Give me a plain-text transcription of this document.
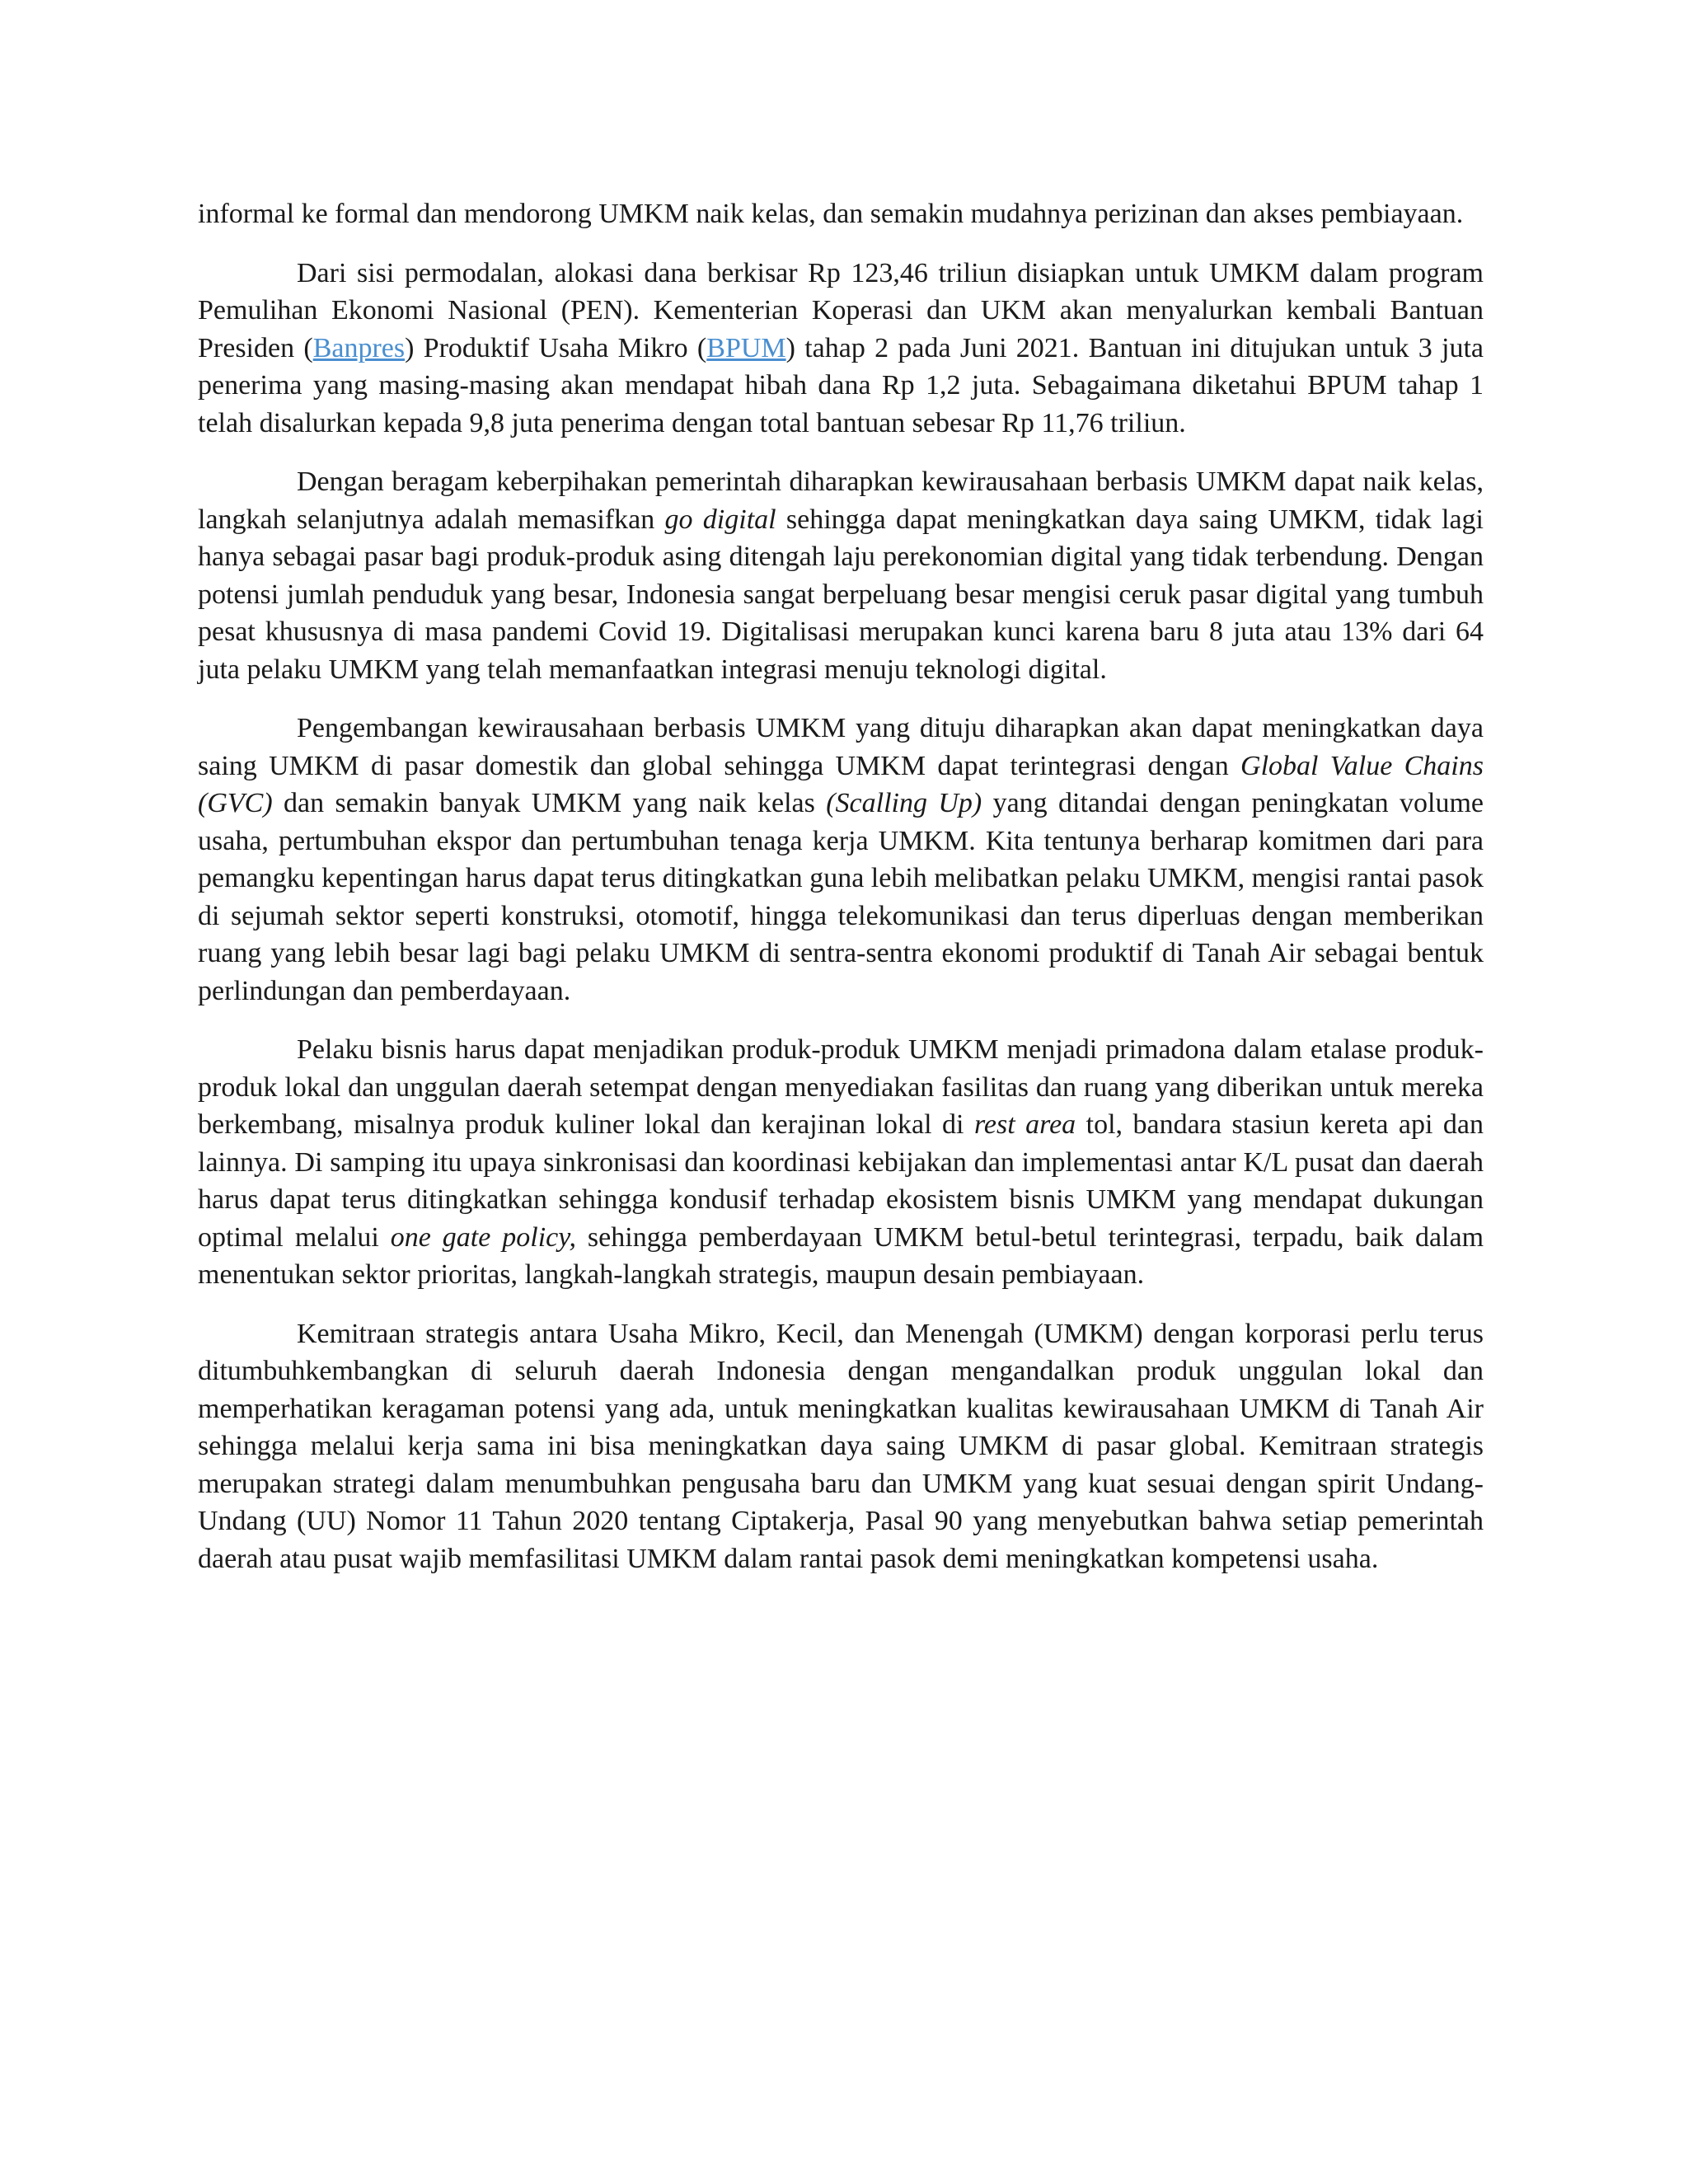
informal ke formal dan mendorong UMKM naik kelas, dan semakin mudahnya perizinan dan akses pembiayaan.

Dari sisi permodalan, alokasi dana berkisar Rp 123,46 triliun disiapkan untuk UMKM dalam program Pemulihan Ekonomi Nasional (PEN). Kementerian Koperasi dan UKM akan menyalurkan kembali Bantuan Presiden (Banpres) Produktif Usaha Mikro (BPUM) tahap 2 pada Juni 2021. Bantuan ini ditujukan untuk 3 juta penerima yang masing-masing akan mendapat hibah dana Rp 1,2 juta. Sebagaimana diketahui BPUM tahap 1 telah disalurkan kepada 9,8 juta penerima dengan total bantuan sebesar Rp 11,76 triliun.

Dengan beragam keberpihakan pemerintah diharapkan kewirausahaan berbasis UMKM dapat naik kelas, langkah selanjutnya adalah memasifkan go digital sehingga dapat meningkatkan daya saing UMKM, tidak lagi hanya sebagai pasar bagi produk-produk asing ditengah laju perekonomian digital yang tidak terbendung. Dengan potensi jumlah penduduk yang besar, Indonesia sangat berpeluang besar mengisi ceruk pasar digital yang tumbuh pesat khususnya di masa pandemi Covid 19. Digitalisasi merupakan kunci karena baru 8 juta atau 13% dari 64 juta pelaku UMKM yang telah memanfaatkan integrasi menuju teknologi digital.

Pengembangan kewirausahaan berbasis UMKM yang dituju diharapkan akan dapat meningkatkan daya saing UMKM di pasar domestik dan global sehingga UMKM dapat terintegrasi dengan Global Value Chains (GVC) dan semakin banyak UMKM yang naik kelas (Scalling Up) yang ditandai dengan peningkatan volume usaha, pertumbuhan ekspor dan pertumbuhan tenaga kerja UMKM. Kita tentunya berharap komitmen dari para pemangku kepentingan harus dapat terus ditingkatkan guna lebih melibatkan pelaku UMKM, mengisi rantai pasok di sejumah sektor seperti konstruksi, otomotif, hingga telekomunikasi dan terus diperluas dengan memberikan ruang yang lebih besar lagi bagi pelaku UMKM di sentra-sentra ekonomi produktif di Tanah Air sebagai bentuk perlindungan dan pemberdayaan.

Pelaku bisnis harus dapat menjadikan produk-produk UMKM menjadi primadona dalam etalase produk-produk lokal dan unggulan daerah setempat dengan menyediakan fasilitas dan ruang yang diberikan untuk mereka berkembang, misalnya produk kuliner lokal dan kerajinan lokal di rest area tol, bandara stasiun kereta api dan lainnya. Di samping itu upaya sinkronisasi dan koordinasi kebijakan dan implementasi antar K/L pusat dan daerah harus dapat terus ditingkatkan sehingga kondusif terhadap ekosistem bisnis UMKM yang mendapat dukungan optimal melalui one gate policy, sehingga pemberdayaan UMKM betul-betul terintegrasi, terpadu, baik dalam menentukan sektor prioritas, langkah-langkah strategis, maupun desain pembiayaan.

Kemitraan strategis antara Usaha Mikro, Kecil, dan Menengah (UMKM) dengan korporasi perlu terus ditumbuhkembangkan di seluruh daerah Indonesia dengan mengandalkan produk unggulan lokal dan memperhatikan keragaman potensi yang ada, untuk meningkatkan kualitas kewirausahaan UMKM di Tanah Air sehingga melalui kerja sama ini bisa meningkatkan daya saing UMKM di pasar global. Kemitraan strategis merupakan strategi dalam menumbuhkan pengusaha baru dan UMKM yang kuat sesuai dengan spirit Undang-Undang (UU) Nomor 11 Tahun 2020 tentang Ciptakerja, Pasal 90 yang menyebutkan bahwa setiap pemerintah daerah atau pusat wajib memfasilitasi UMKM dalam rantai pasok demi meningkatkan kompetensi usaha.
